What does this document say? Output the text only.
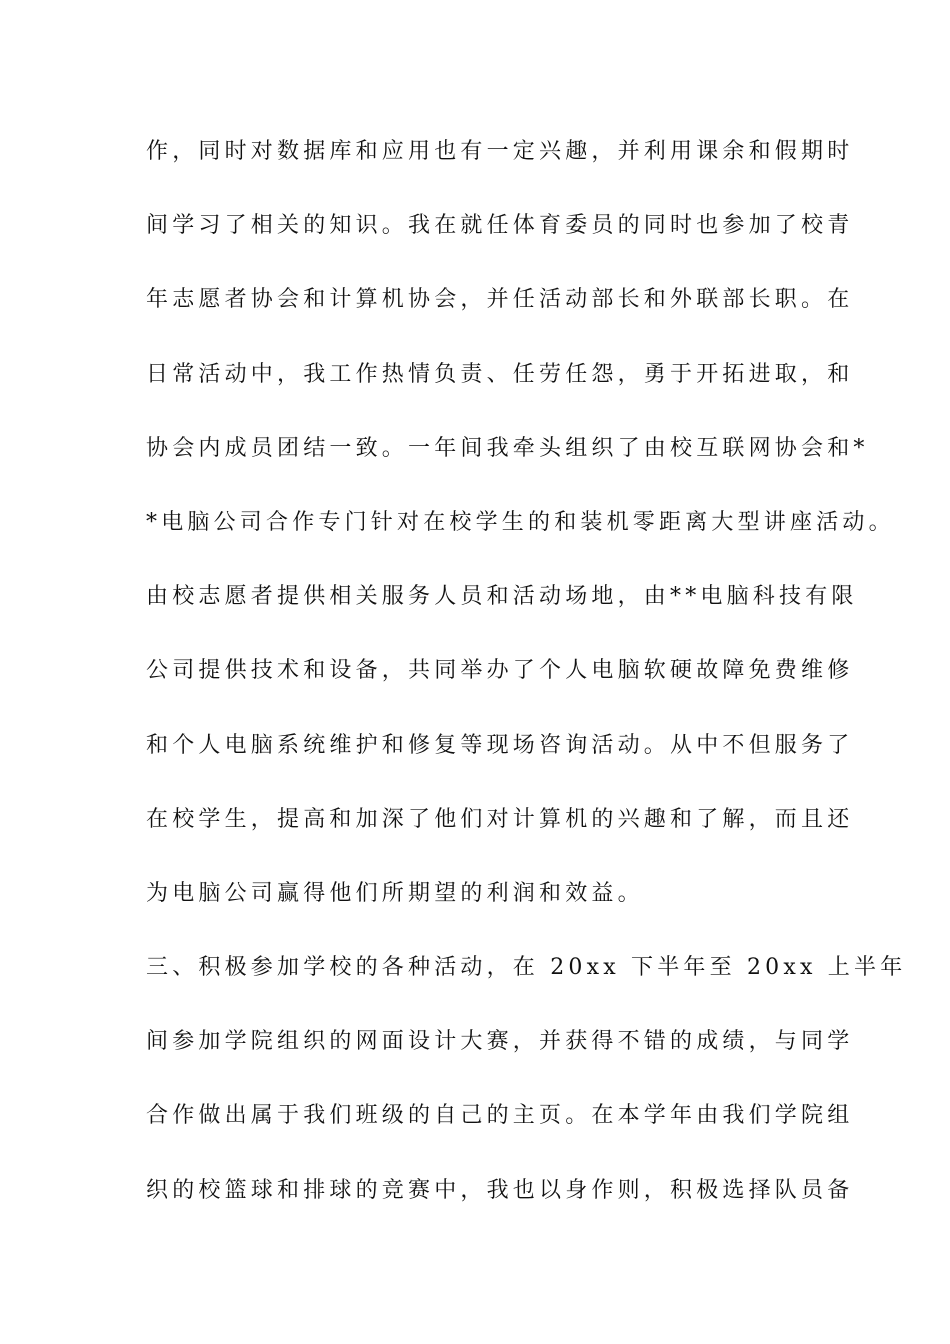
作，同时对数据库和应用也有一定兴趣，并利用课余和假期时
间学习了相关的知识。我在就任体育委员的同时也参加了校青
年志愿者协会和计算机协会，并任活动部长和外联部长职。在
日常活动中，我工作热情负责、任劳任怨，勇于开拓进取，和
协会内成员团结一致。一年间我牵头组织了由校互联网协会和*
*电脑公司合作专门针对在校学生的和装机零距离大型讲座活动。
由校志愿者提供相关服务人员和活动场地，由**电脑科技有限
公司提供技术和设备，共同举办了个人电脑软硬故障免费维修
和个人电脑系统维护和修复等现场咨询活动。从中不但服务了
在校学生，提高和加深了他们对计算机的兴趣和了解，而且还
为电脑公司赢得他们所期望的利润和效益。
三、积极参加学校的各种活动，在 20xx 下半年至 20xx 上半年
间参加学院组织的网面设计大赛，并获得不错的成绩，与同学
合作做出属于我们班级的自己的主页。在本学年由我们学院组
织的校篮球和排球的竞赛中，我也以身作则，积极选择队员备
